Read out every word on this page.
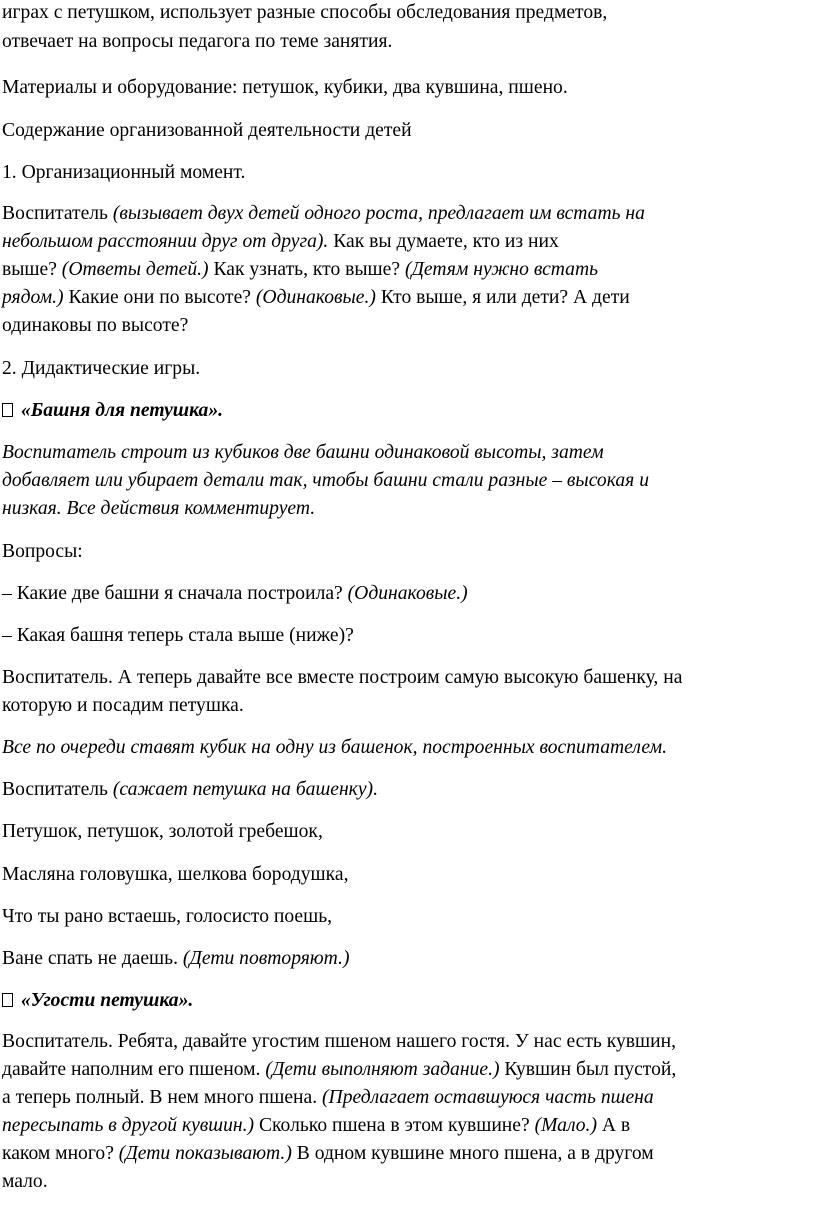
играх с петушком, использует разные способы обследования предметов,

отвечает на вопросы педагога по теме занятия.

Материалы и оборудование: петушок, кубики, два кувшина, пшено.

Содержание организованной деятельности детей

1. Организационный момент.

Воспитатель (вызывает двух детей одного роста, предлагает им встать на

небольшом расстоянии друг от друга). Как вы думаете, кто из них

выше? (Ответы детей.) Как узнать, кто выше? (Детям нужно встать

рядом.) Какие они по высоте? (Одинаковые.) Кто выше, я или дети? А дети

одинаковы по высоте?

2. Дидактические игры.

«Башня для петушка».

Воспитатель строит из кубиков две башни одинаковой высоты, затем

добавляет или убирает детали так, чтобы башни стали разные – высокая и

низкая. Все действия комментирует.

Вопросы:

– Какие две башни я сначала построила? (Одинаковые.)

– Какая башня теперь стала выше (ниже)?

Воспитатель. А теперь давайте все вместе построим самую высокую башенку, на

которую и посадим петушка.

Все по очереди ставят кубик на одну из башенок, построенных воспитателем.

Воспитатель (сажает петушка на башенку).

Петушок, петушок, золотой гребешок,

Масляна головушка, шелкова бородушка,

Что ты рано встаешь, голосисто поешь,

Ване спать не даешь. (Дети повторяют.)

«Угости петушка».

Воспитатель. Ребята, давайте угостим пшеном нашего гостя. У нас есть кувшин,

давайте наполним его пшеном. (Дети выполняют задание.) Кувшин был пустой,

а теперь полный. В нем много пшена. (Предлагает оставшуюся часть пшена

пересыпать в другой кувшин.) Сколько пшена в этом кувшине? (Мало.) А в

каком много? (Дети показывают.) В одном кувшине много пшена, а в другом

мало.
